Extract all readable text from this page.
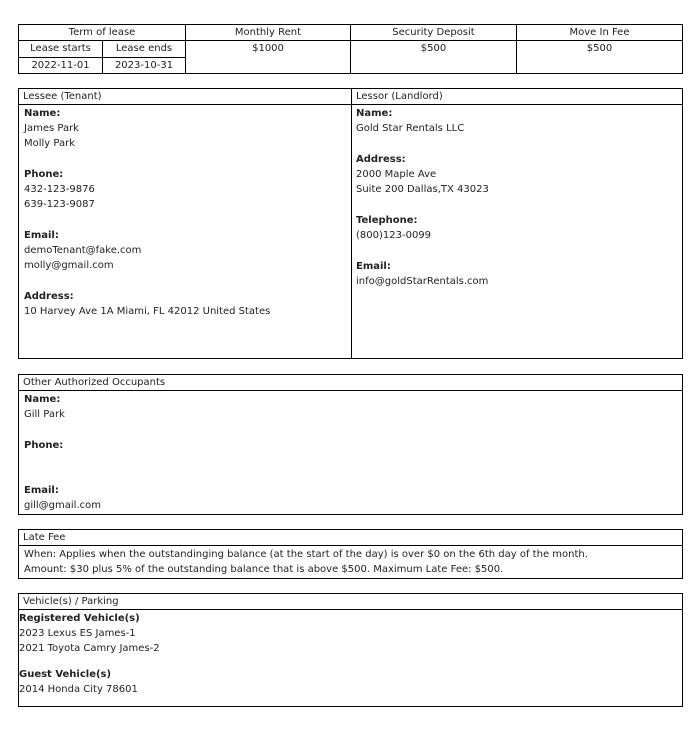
Term of lease
Lease starts	Lease ends
2022-11-01	2023-10-31
Monthly Rent
$1000
Security Deposit
$500
Move In Fee
$500
Lessee (Tenant)
Name:
James Park
Molly Park
Phone:
432-123-9876
639-123-9087
Email:
demoTenant@fake.com
molly@gmail.com
Address:
10 Harvey Ave 1A Miami, FL 42012 United States
Lessor (Landlord)
Name:
Gold Star Rentals LLC
Address:
2000 Maple Ave
Suite 200 Dallas,TX 43023
Telephone:
(800)123-0099
Email:
info@goldStarRentals.com
Other Authorized Occupants
Name:
Gill Park
Phone:
Email:
gill@gmail.com
Late Fee
When: Applies when the outstandinging balance (at the start of the day) is over $0 on the 6th day of the month.
Amount: $30 plus 5% of the outstanding balance that is above $500. Maximum Late Fee: $500.
Vehicle(s) / Parking
Registered Vehicle(s)
2023 Lexus ES James-1
2021 Toyota Camry James-2
Guest Vehicle(s)
2014 Honda City 78601
